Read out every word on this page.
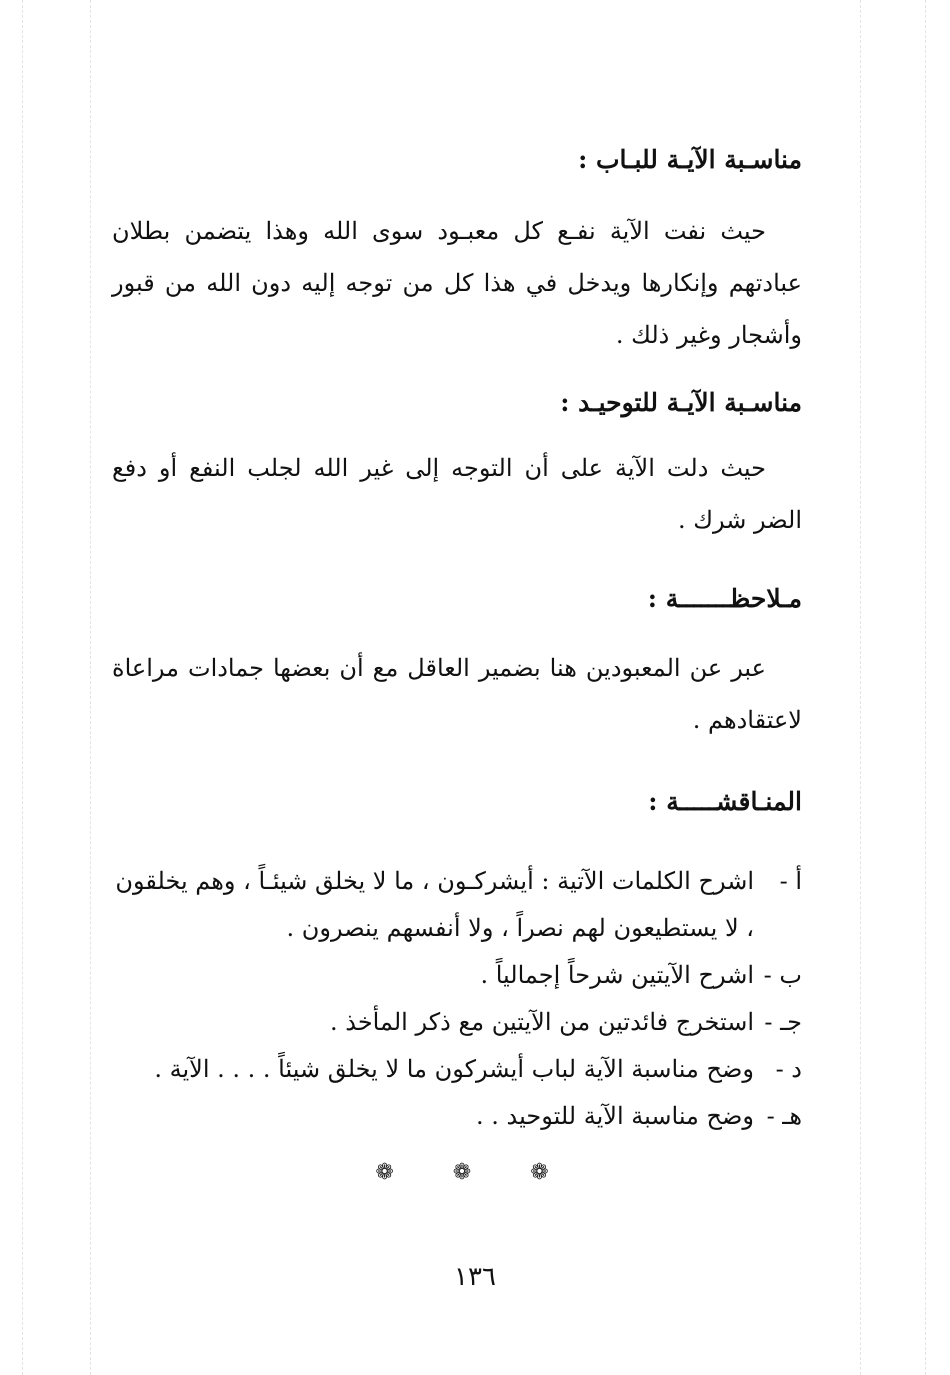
مناسـبة الآيـة للبـاب :
حيث نفت الآية نفـع كل معبـود سوى الله وهذا يتضمن بطلان عبادتهم وإنكارها ويدخل في هذا كل من توجه إليه دون الله من قبور وأشجار وغير ذلك .
مناسـبة الآيـة للتوحيـد :
حيث دلت الآية على أن التوجه إلى غير الله لجلب النفع أو دفع الضر شرك .
مـلاحظـــــــة :
عبر عن المعبودين هنا بضمير العاقل مع أن بعضها جمادات مراعاة لاعتقادهم .
المنـاقشـــــة :
أ -
اشرح الكلمات الآتية : أيشركـون ، ما لا يخلق شيئـاً ، وهم يخلقون ، لا يستطيعون لهم نصراً ، ولا أنفسهم ينصرون .
ب -
اشرح الآيتين شرحاً إجمالياً .
جـ -
استخرج فائدتين من الآيتين مع ذكر المأخذ .
د -
وضح مناسبة الآية لباب أيشركون ما لا يخلق شيئاً . . . . الآية .
هـ -
وضح مناسبة الآية للتوحيد . .
❁ ❁ ❁
١٣٦
